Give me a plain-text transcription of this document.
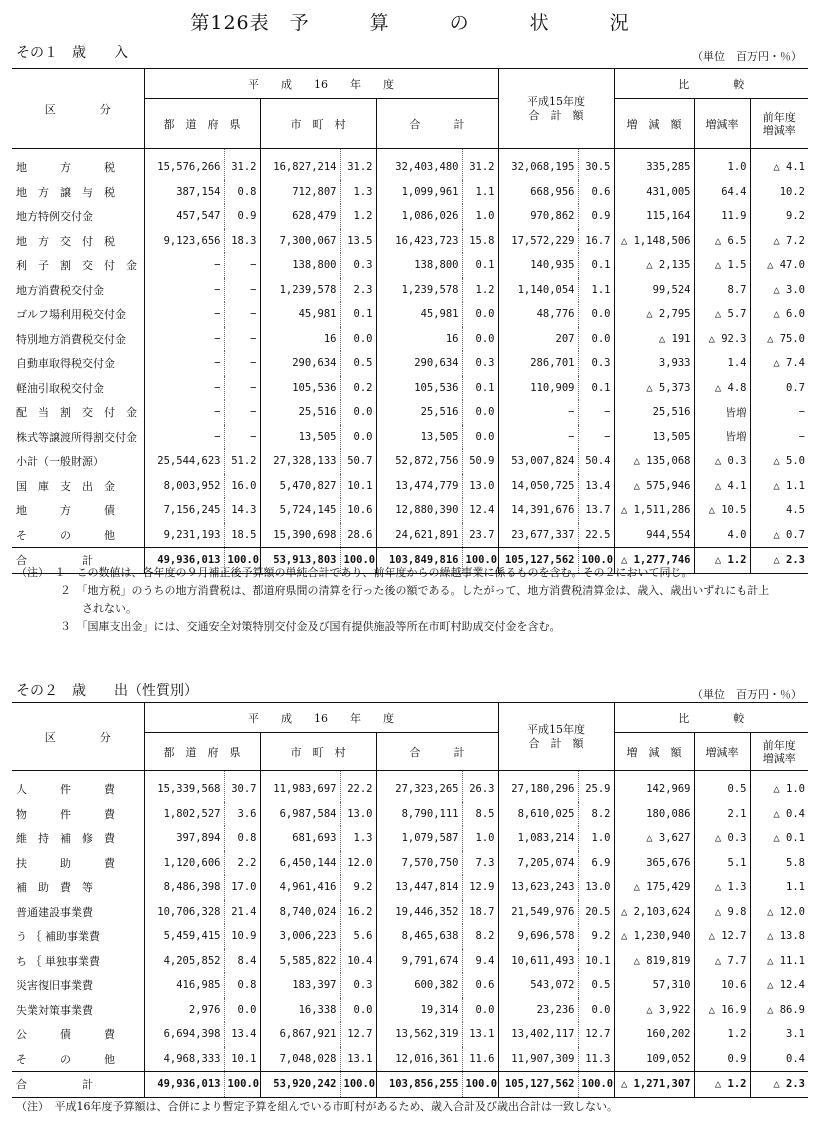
第126表　予　　　算　　　の　　　状　　　況
その１　歳　　入	（単位　百万円・％）
区　　　　分	平　　成　　16　　年　　度			平成15年度
合　計　額	比　　　　較		
	都　道　府　県	市　町　村	合　　　計		増　減　額	増減率	前年度
増減率
地　　　方　　　税	15,576,266	31.2	16,827,214	31.2	32,403,480	31.2	32,068,195	30.5	335,285	1.0	△ 4.1
地　方　譲　与　税	387,154	0.8	712,807	1.3	1,099,961	1.1	668,956	0.6	431,005	64.4	10.2
地方特例交付金	457,547	0.9	628,479	1.2	1,086,026	1.0	970,862	0.9	115,164	11.9	9.2
地　方　交　付　税	9,123,656	18.3	7,300,067	13.5	16,423,723	15.8	17,572,229	16.7	△ 1,148,506	△ 6.5	△ 7.2
利　子　割　交　付　金	−	−	138,800	0.3	138,800	0.1	140,935	0.1	△ 2,135	△ 1.5	△ 47.0
地方消費税交付金	−	−	1,239,578	2.3	1,239,578	1.2	1,140,054	1.1	99,524	8.7	△ 3.0
ゴルフ場利用税交付金	−	−	45,981	0.1	45,981	0.0	48,776	0.0	△ 2,795	△ 5.7	△ 6.0
特別地方消費税交付金	−	−	16	0.0	16	0.0	207	0.0	△ 191	△ 92.3	△ 75.0
自動車取得税交付金	−	−	290,634	0.5	290,634	0.3	286,701	0.3	3,933	1.4	△ 7.4
軽油引取税交付金	−	−	105,536	0.2	105,536	0.1	110,909	0.1	△ 5,373	△ 4.8	0.7
配　当　割　交　付　金	−	−	25,516	0.0	25,516	0.0	−	−	25,516	皆増	−
株式等譲渡所得割交付金	−	−	13,505	0.0	13,505	0.0	−	−	13,505	皆増	−
小計（一般財源）	25,544,623	51.2	27,328,133	50.7	52,872,756	50.9	53,007,824	50.4	△ 135,068	△ 0.3	△ 5.0
国　庫　支　出　金	8,003,952	16.0	5,470,827	10.1	13,474,779	13.0	14,050,725	13.4	△ 575,946	△ 4.1	△ 1.1
地　　　方　　　債	7,156,245	14.3	5,724,145	10.6	12,880,390	12.4	14,391,676	13.7	△ 1,511,286	△ 10.5	4.5
そ　　　の　　　他	9,231,193	18.5	15,390,698	28.6	24,621,891	23.7	23,677,337	22.5	944,554	4.0	△ 0.7
合　　　　　計	49,936,013	100.0	53,913,803	100.0	103,849,816	100.0	105,127,562	100.0	△ 1,277,746	△ 1.2	△ 2.3
（注）　１　この数値は、各年度の９月補正後予算額の単純合計であり、前年度からの繰越事業に係るものを含む。その２において同じ。
　　　　２　「地方税」のうちの地方消費税は、都道府県間の清算を行った後の額である。したがって、地方消費税清算金は、歳入、歳出いずれにも計上
　　　　　　されない。
　　　　３　「国庫支出金」には、交通安全対策特別交付金及び国有提供施設等所在市町村助成交付金を含む。
その２　歳　　出（性質別）	（単位　百万円・％）
区　　　　分	平　　成　　16　　年　　度			平成15年度
合　計　額	比　　　　較		
	都　道　府　県	市　町　村	合　　　計		増　減　額	増減率	前年度
増減率
人　　　件　　　費	15,339,568	30.7	11,983,697	22.2	27,323,265	26.3	27,180,296	25.9	142,969	0.5	△ 1.0
物　　　件　　　費	1,802,527	3.6	6,987,584	13.0	8,790,111	8.5	8,610,025	8.2	180,086	2.1	△ 0.4
維　持　補　修　費	397,894	0.8	681,693	1.3	1,079,587	1.0	1,083,214	1.0	△ 3,627	△ 0.3	△ 0.1
扶　　　助　　　費	1,120,606	2.2	6,450,144	12.0	7,570,750	7.3	7,205,074	6.9	365,676	5.1	5.8
補　助　費　等	8,486,398	17.0	4,961,416	9.2	13,447,814	12.9	13,623,243	13.0	△ 175,429	△ 1.3	1.1
普通建設事業費	10,706,328	21.4	8,740,024	16.2	19,446,352	18.7	21,549,976	20.5	△ 2,103,624	△ 9.8	△ 12.0
う ｛ 補助事業費	5,459,415	10.9	3,006,223	5.6	8,465,638	8.2	9,696,578	9.2	△ 1,230,940	△ 12.7	△ 13.8
ち ｛ 単独事業費	4,205,852	8.4	5,585,822	10.4	9,791,674	9.4	10,611,493	10.1	△ 819,819	△ 7.7	△ 11.1
災害復旧事業費	416,985	0.8	183,397	0.3	600,382	0.6	543,072	0.5	57,310	10.6	△ 12.4
失業対策事業費	2,976	0.0	16,338	0.0	19,314	0.0	23,236	0.0	△ 3,922	△ 16.9	△ 86.9
公　　　債　　　費	6,694,398	13.4	6,867,921	12.7	13,562,319	13.1	13,402,117	12.7	160,202	1.2	3.1
そ　　　の　　　他	4,968,333	10.1	7,048,028	13.1	12,016,361	11.6	11,907,309	11.3	109,052	0.9	0.4
合　　　　　計	49,936,013	100.0	53,920,242	100.0	103,856,255	100.0	105,127,562	100.0	△ 1,271,307	△ 1.2	△ 2.3
（注）　平成16年度予算額は、合併により暫定予算を組んでいる市町村があるため、歳入合計及び歳出合計は一致しない。
